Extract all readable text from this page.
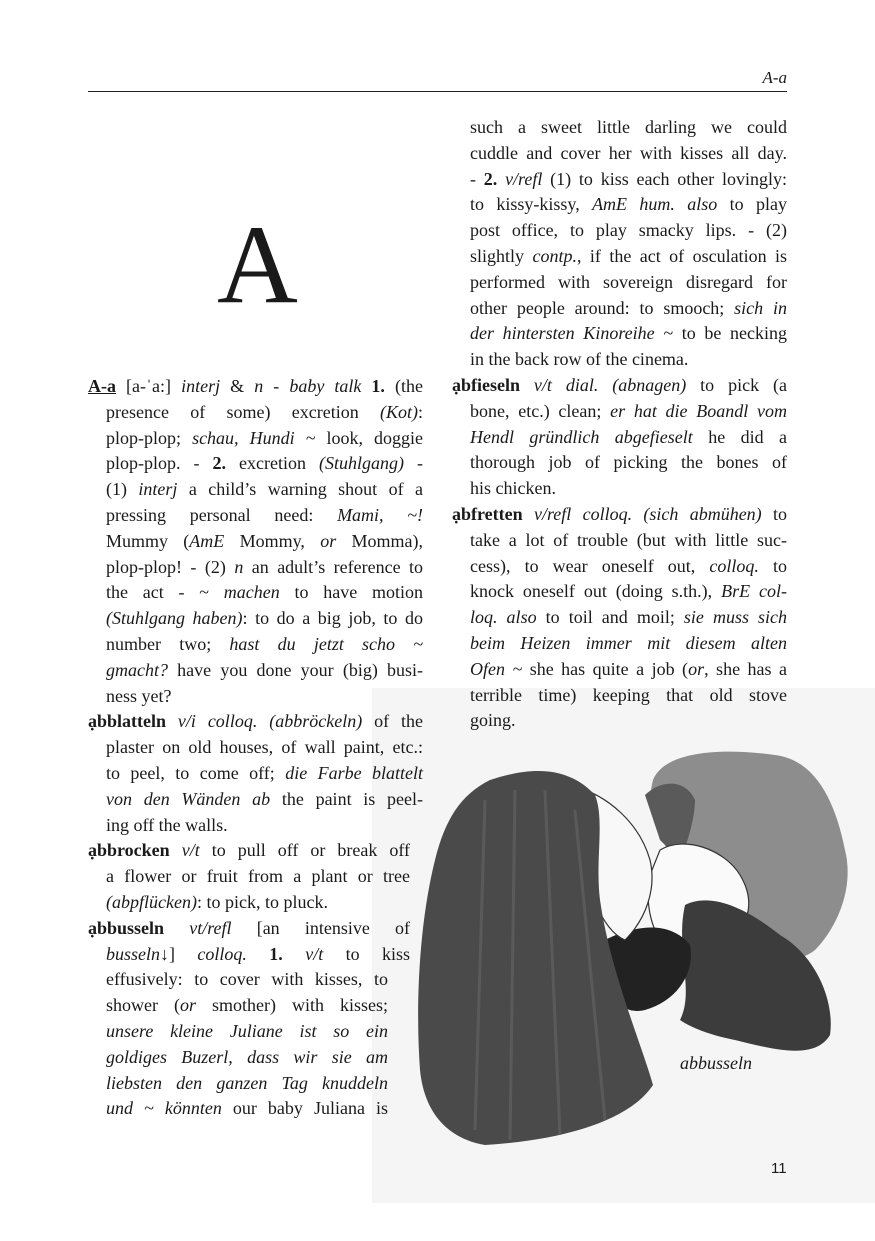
A-a
A
A-a [a-ˈa:] interj & n - baby talk 1. (the
presence of some) excretion (Kot):
plop-plop; schau, Hundi ~ look, doggie
plop-plop. - 2. excretion (Stuhlgang) -
(1) interj a child’s warning shout of a
pressing personal need: Mami, ~!
Mummy (AmE Mommy, or Momma),
plop-plop! - (2) n an adult’s reference to
the act - ~ machen to have motion
(Stuhlgang haben): to do a big job, to do
number two; hast du jetzt scho ~
gmacht? have you done your (big) busi-
ness yet?
ạbblatteln v/i colloq. (abbröckeln) of the
plaster on old houses, of wall paint, etc.:
to peel, to come off; die Farbe blattelt
von den Wänden ab the paint is peel-
ing off the walls.
ạbbrocken v/t to pull off or break off
a flower or fruit from a plant or tree
(abpflücken): to pick, to pluck.
ạbbusseln vt/refl [an intensive of
busseln↓] colloq. 1. v/t to kiss
effusively: to cover with kisses, to
shower (or smother) with kisses;
unsere kleine Juliane ist so ein
goldiges Buzerl, dass wir sie am
liebsten den ganzen Tag knuddeln
und ~ könnten our baby Juliana is
such a sweet little darling we could
cuddle and cover her with kisses all day.
- 2. v/refl (1) to kiss each other lovingly:
to kissy-kissy, AmE hum. also to play
post office, to play smacky lips. - (2)
slightly contp., if the act of osculation is
performed with sovereign disregard for
other people around: to smooch; sich in
der hintersten Kinoreihe ~ to be necking
in the back row of the cinema.
ạbfieseln v/t dial. (abnagen) to pick (a
bone, etc.) clean; er hat die Boandl vom
Hendl gründlich abgefieselt he did a
thorough job of picking the bones of
his chicken.
ạbfretten v/refl colloq. (sich abmühen) to
take a lot of trouble (but with little suc-
cess), to wear oneself out, colloq. to
knock oneself out (doing s.th.), BrE col-
loq. also to toil and moil; sie muss sich
beim Heizen immer mit diesem alten
Ofen ~ she has quite a job (or, she has a
terrible time) keeping that old stove
going.
abbusseln
11
